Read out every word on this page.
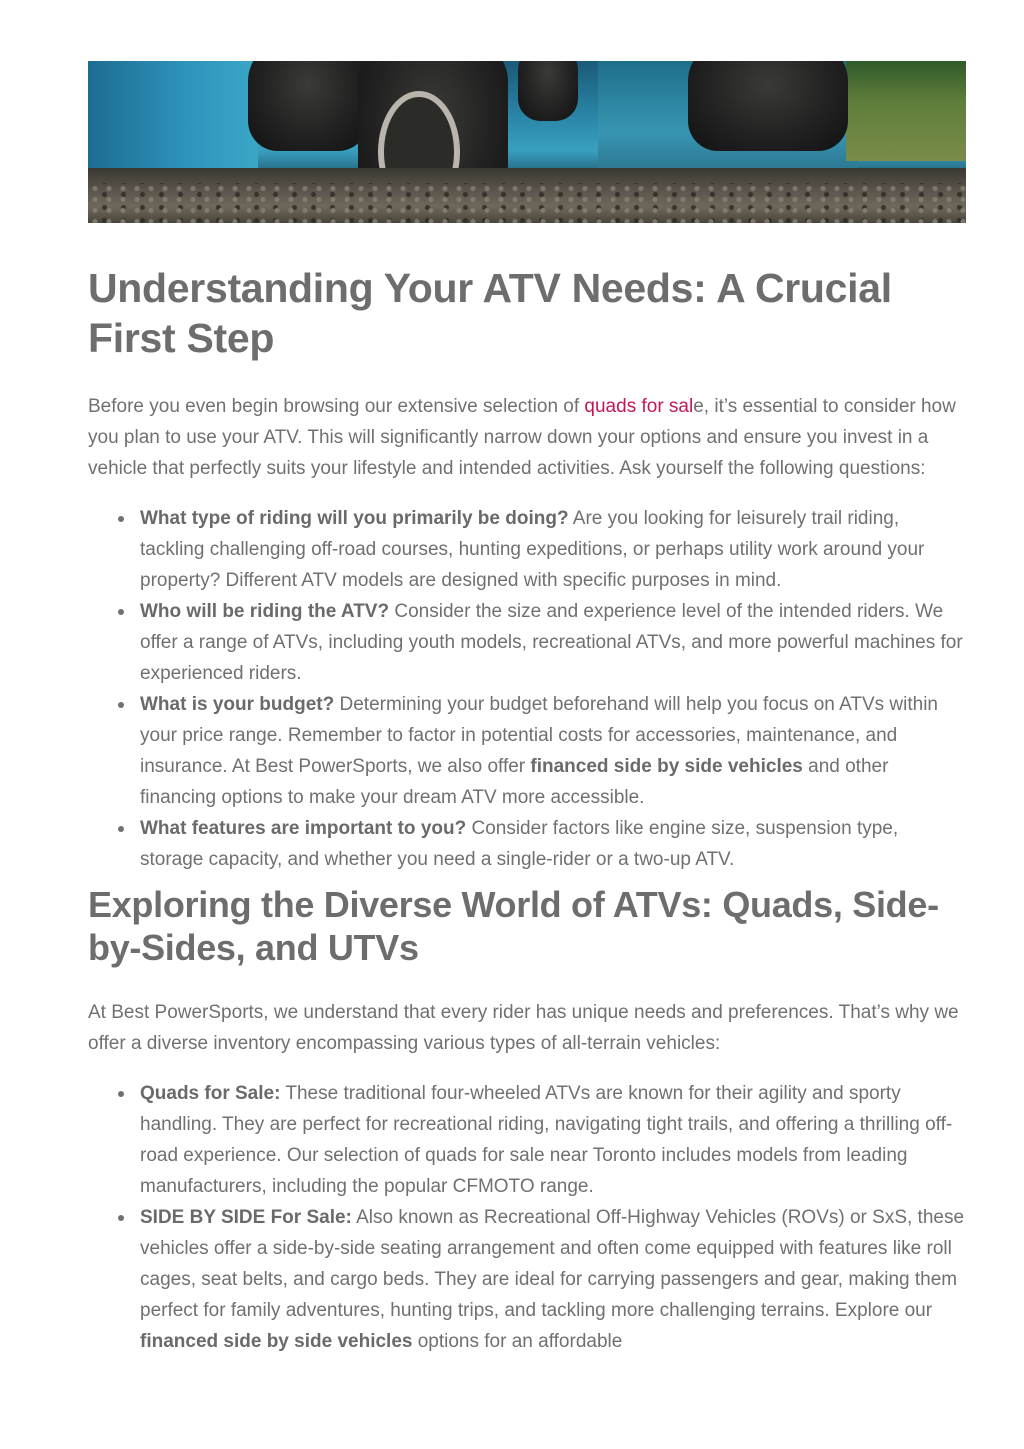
Understanding Your ATV Needs: A Crucial First Step

Before you even begin browsing our extensive selection of quads for sale, it’s essential to consider how you plan to use your ATV. This will significantly narrow down your options and ensure you invest in a vehicle that perfectly suits your lifestyle and intended activities. Ask yourself the following questions:

What type of riding will you primarily be doing? Are you looking for leisurely trail riding, tackling challenging off-road courses, hunting expeditions, or perhaps utility work around your property? Different ATV models are designed with specific purposes in mind.
Who will be riding the ATV? Consider the size and experience level of the intended riders. We offer a range of ATVs, including youth models, recreational ATVs, and more powerful machines for experienced riders.
What is your budget? Determining your budget beforehand will help you focus on ATVs within your price range. Remember to factor in potential costs for accessories, maintenance, and insurance. At Best PowerSports, we also offer financed side by side vehicles and other financing options to make your dream ATV more accessible.
What features are important to you? Consider factors like engine size, suspension type, storage capacity, and whether you need a single-rider or a two-up ATV.
Exploring the Diverse World of ATVs: Quads, Side-by-Sides, and UTVs

At Best PowerSports, we understand that every rider has unique needs and preferences. That’s why we offer a diverse inventory encompassing various types of all-terrain vehicles:

Quads for Sale: These traditional four-wheeled ATVs are known for their agility and sporty handling. They are perfect for recreational riding, navigating tight trails, and offering a thrilling off-road experience. Our selection of quads for sale near Toronto includes models from leading manufacturers, including the popular CFMOTO range.
SIDE BY SIDE For Sale: Also known as Recreational Off-Highway Vehicles (ROVs) or SxS, these vehicles offer a side-by-side seating arrangement and often come equipped with features like roll cages, seat belts, and cargo beds. They are ideal for carrying passengers and gear, making them perfect for family adventures, hunting trips, and tackling more challenging terrains. Explore our financed side by side vehicles options for an affordable
